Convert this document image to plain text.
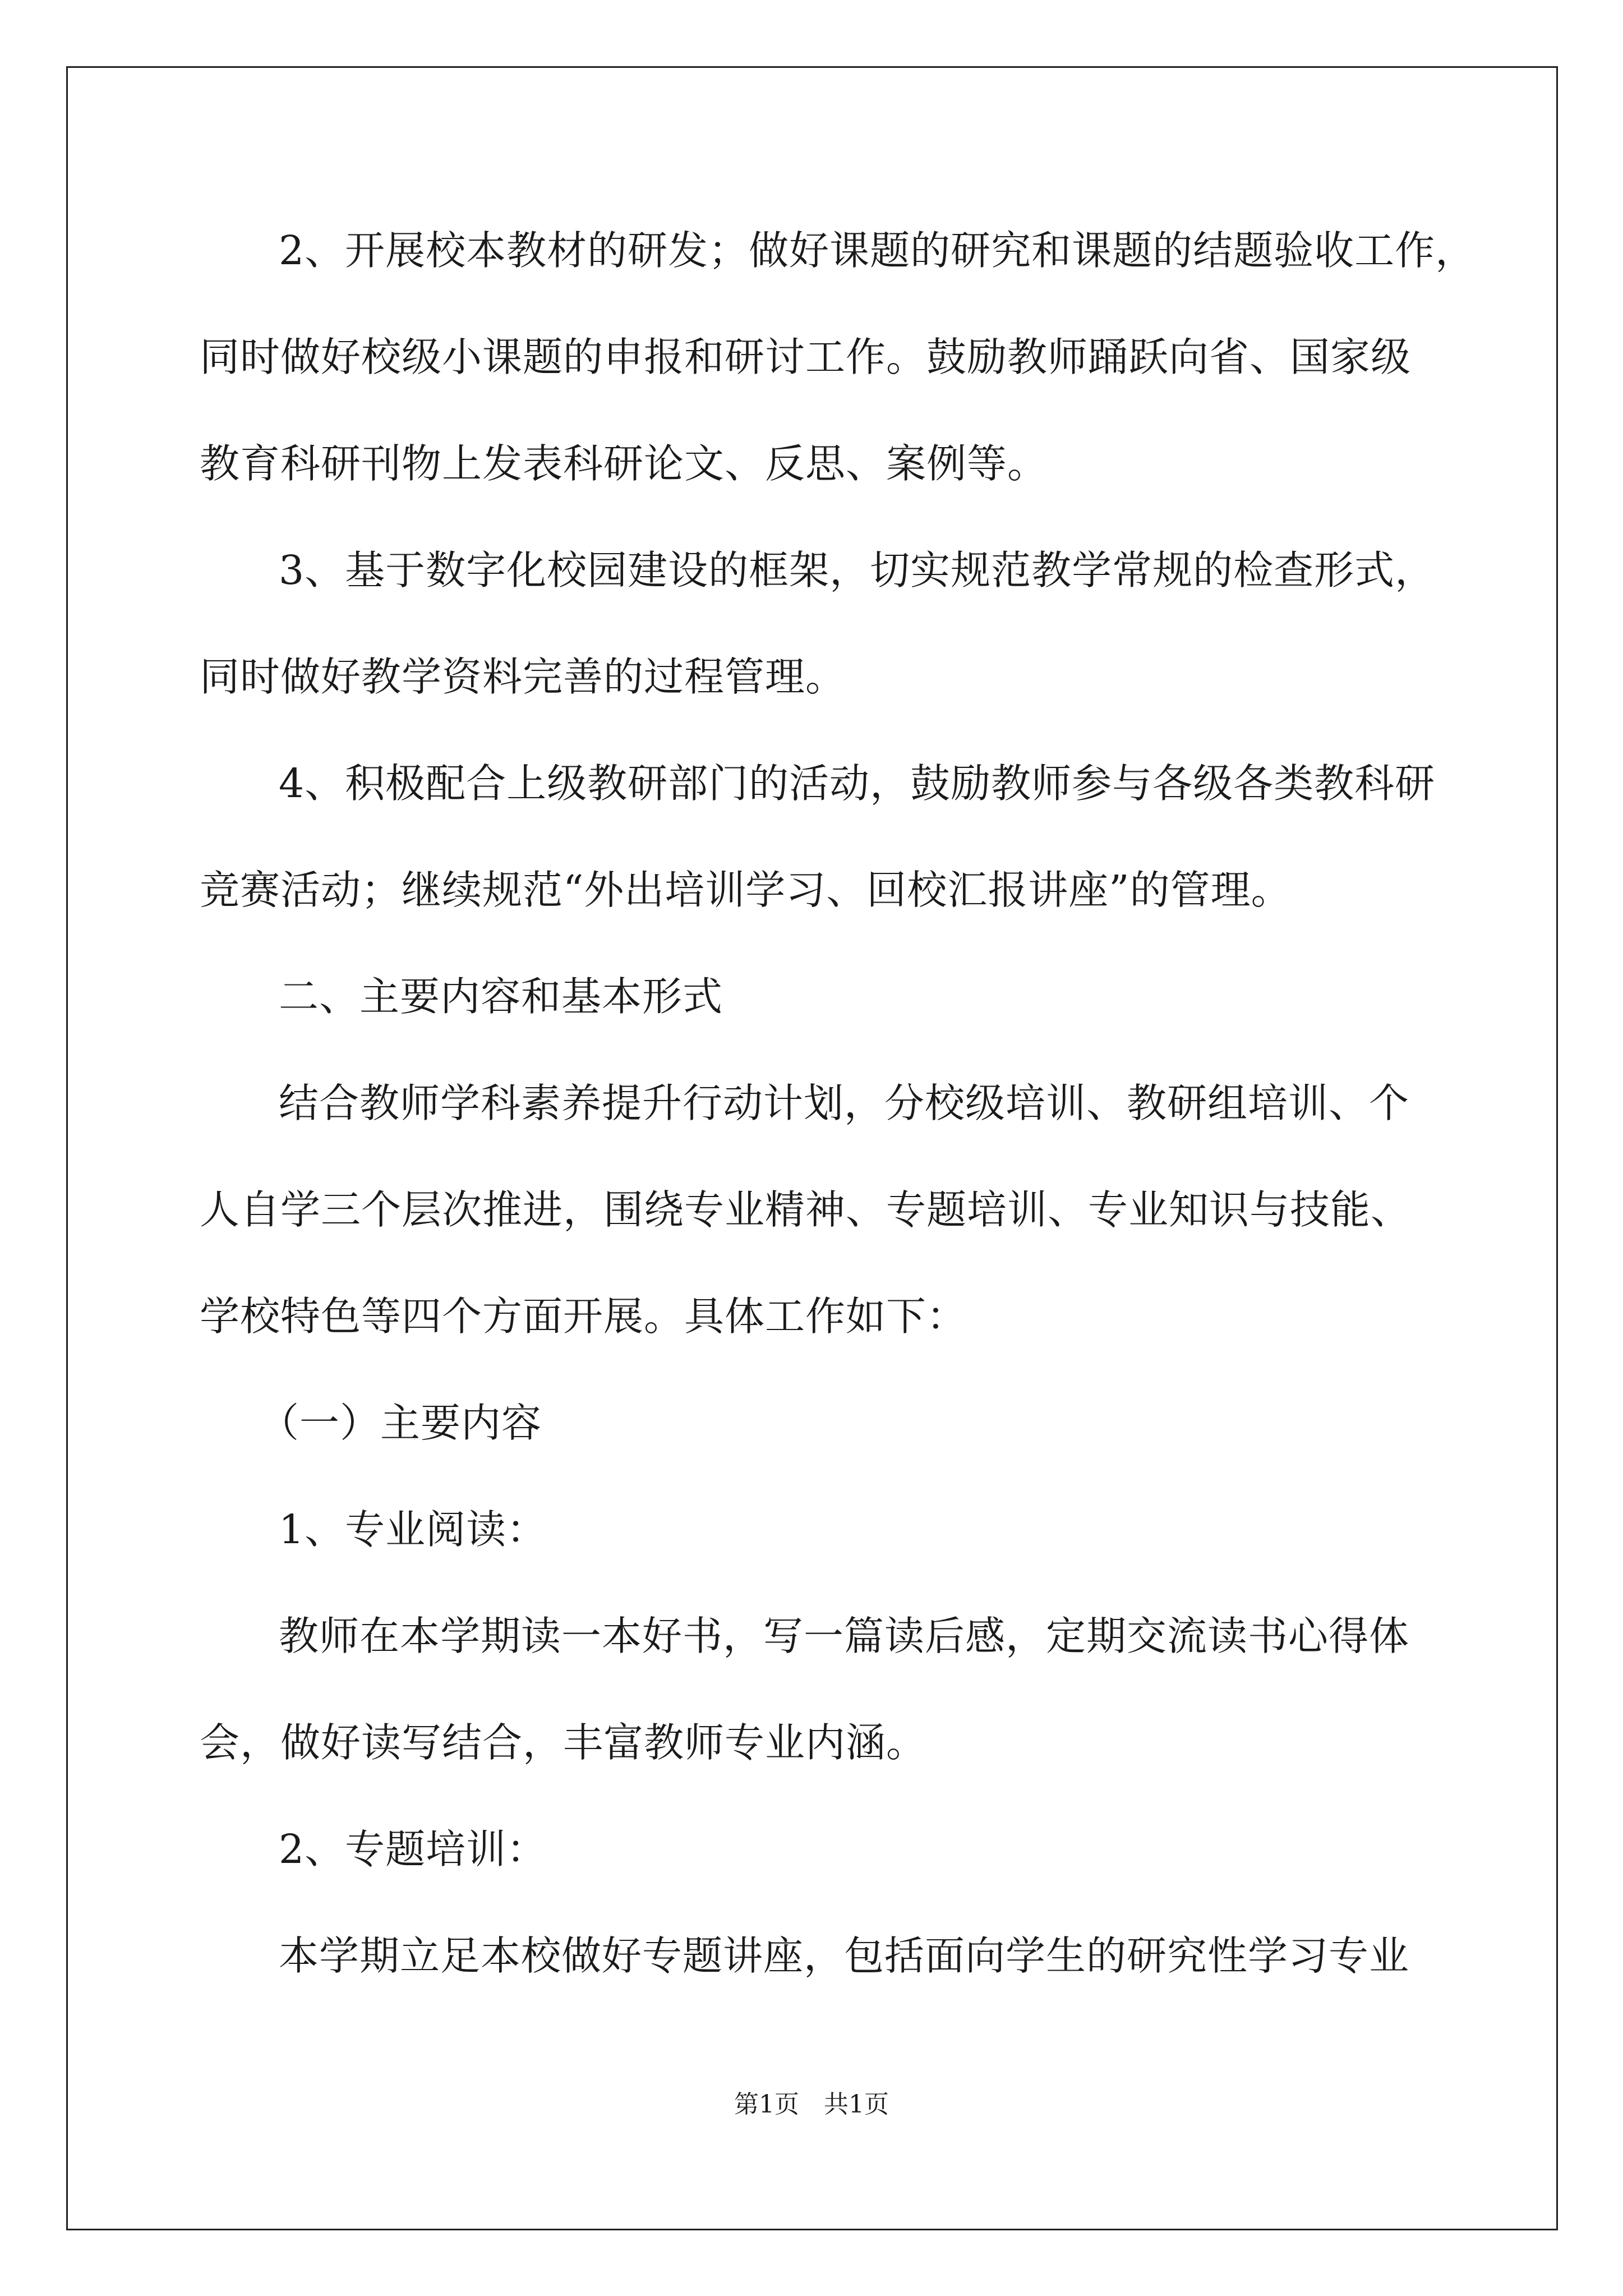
2、开展校本教材的研发；做好课题的研究和课题的结题验收工作，
同时做好校级小课题的申报和研讨工作。鼓励教师踊跃向省、国家级
教育科研刊物上发表科研论文、反思、案例等。
3、基于数字化校园建设的框架，切实规范教学常规的检查形式，
同时做好教学资料完善的过程管理。
4、积极配合上级教研部门的活动，鼓励教师参与各级各类教科研
竞赛活动；继续规范“外出培训学习、回校汇报讲座”的管理。
二、主要内容和基本形式
结合教师学科素养提升行动计划，分校级培训、教研组培训、个
人自学三个层次推进，围绕专业精神、专题培训、专业知识与技能、
学校特色等四个方面开展。具体工作如下：
（一）主要内容
1、专业阅读：
教师在本学期读一本好书，写一篇读后感，定期交流读书心得体
会，做好读写结合，丰富教师专业内涵。
2、专题培训：
本学期立足本校做好专题讲座，包括面向学生的研究性学习专业
第1页　共1页
